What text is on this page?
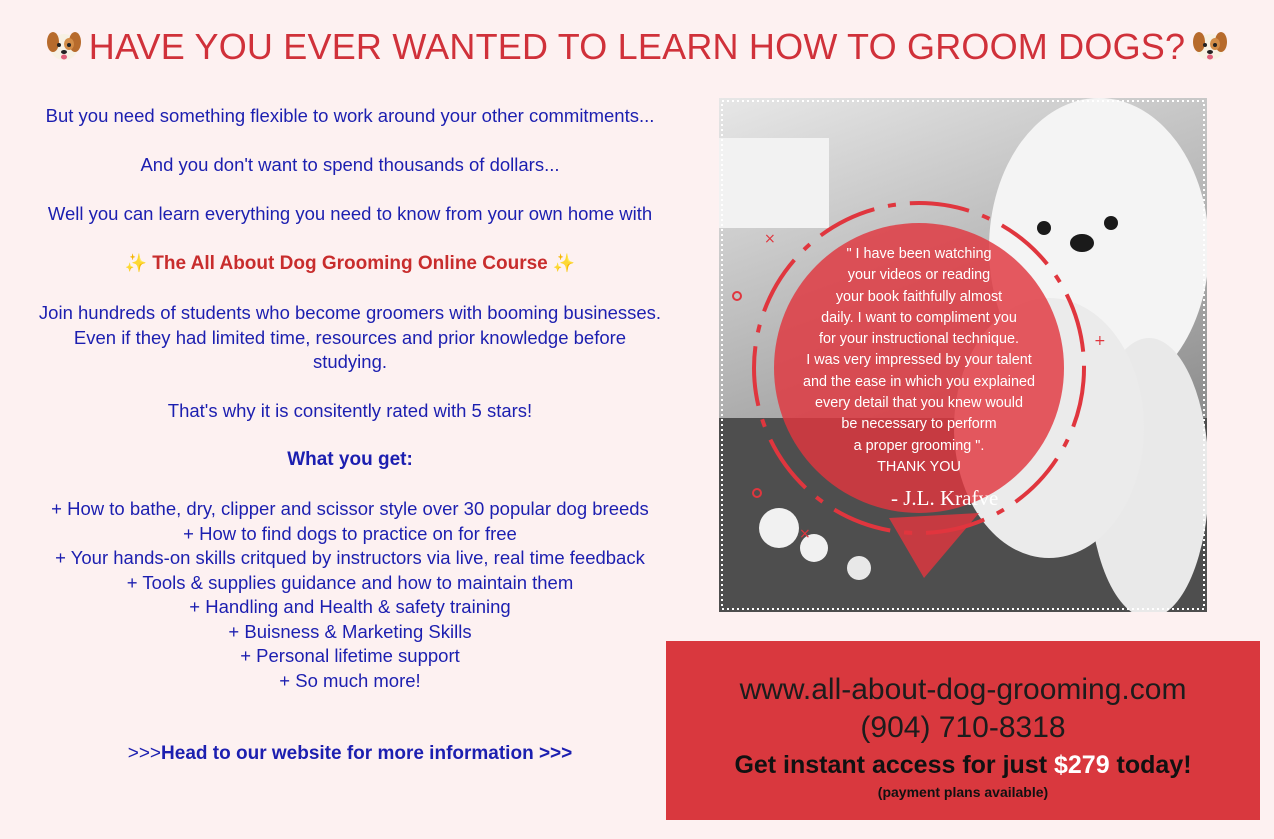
HAVE YOU EVER WANTED TO LEARN HOW TO GROOM DOGS?

But you need something flexible to work around your other commitments...

And you don't want to spend thousands of dollars...

Well you can learn everything you need to know from your own home with

✨ The All About Dog Grooming Online Course ✨

Join hundreds of students who become groomers with booming businesses.

Even if they had limited time, resources and prior knowledge before

studying.

That's why it is consitently rated with 5 stars!

What you get:

+ How to bathe, dry, clipper and scissor style over 30 popular dog breeds

+ How to find dogs to practice on for free

+ Your hands-on skills critqued by instructors via live, real time feedback

+ Tools & supplies guidance and how to maintain them

+ Handling and Health & safety training

+ Buisness & Marketing Skills

+ Personal lifetime support

+ So much more!

>>>Head to our website for more information >>>

×
×
+
" I have been watching
your videos or reading
your book faithfully almost
daily. I want to compliment you
for your instructional technique.
I was very impressed by your talent
and the ease in which you explained
every detail that you knew would
be necessary to perform
a proper grooming ".
THANK YOU
- J.L. Krafve
www.all-about-dog-grooming.com
(904) 710-8318
Get instant access for just $279 today!
(payment plans available)
